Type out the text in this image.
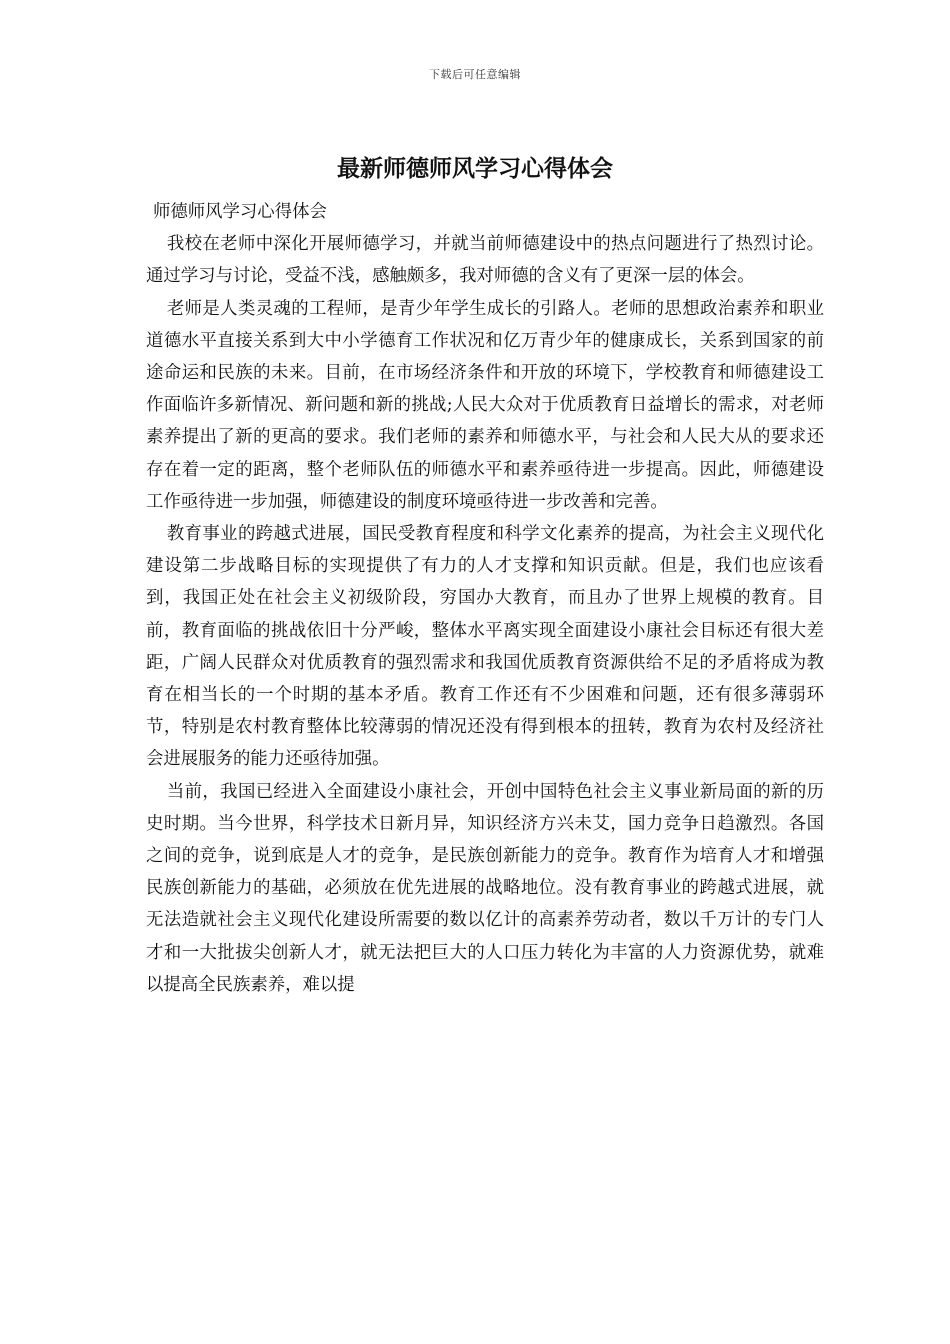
下载后可任意编辑
最新师德师风学习心得体会

师德师风学习心得体会

我校在老师中深化开展师德学习，并就当前师德建设中的热点问题进行了热烈讨论。通过学习与讨论，受益不浅，感触颇多，我对师德的含义有了更深一层的体会。

老师是人类灵魂的工程师，是青少年学生成长的引路人。老师的思想政治素养和职业道德水平直接关系到大中小学德育工作状况和亿万青少年的健康成长，关系到国家的前途命运和民族的未来。目前，在市场经济条件和开放的环境下，学校教育和师德建设工作面临许多新情况、新问题和新的挑战;人民大众对于优质教育日益增长的需求，对老师素养提出了新的更高的要求。我们老师的素养和师德水平，与社会和人民大从的要求还存在着一定的距离，整个老师队伍的师德水平和素养亟待进一步提高。因此，师德建设工作亟待进一步加强，师德建设的制度环境亟待进一步改善和完善。

教育事业的跨越式进展，国民受教育程度和科学文化素养的提高，为社会主义现代化建设第二步战略目标的实现提供了有力的人才支撑和知识贡献。但是，我们也应该看到，我国正处在社会主义初级阶段，穷国办大教育，而且办了世界上规模的教育。目前，教育面临的挑战依旧十分严峻，整体水平离实现全面建设小康社会目标还有很大差距，广阔人民群众对优质教育的强烈需求和我国优质教育资源供给不足的矛盾将成为教育在相当长的一个时期的基本矛盾。教育工作还有不少困难和问题，还有很多薄弱环节，特别是农村教育整体比较薄弱的情况还没有得到根本的扭转，教育为农村及经济社会进展服务的能力还亟待加强。

当前，我国已经进入全面建设小康社会，开创中国特色社会主义事业新局面的新的历史时期。当今世界，科学技术日新月异，知识经济方兴未艾，国力竞争日趋激烈。各国之间的竞争，说到底是人才的竞争，是民族创新能力的竞争。教育作为培育人才和增强民族创新能力的基础，必须放在优先进展的战略地位。没有教育事业的跨越式进展，就无法造就社会主义现代化建设所需要的数以亿计的高素养劳动者，数以千万计的专门人才和一大批拔尖创新人才，就无法把巨大的人口压力转化为丰富的人力资源优势，就难以提高全民族素养，难以提
